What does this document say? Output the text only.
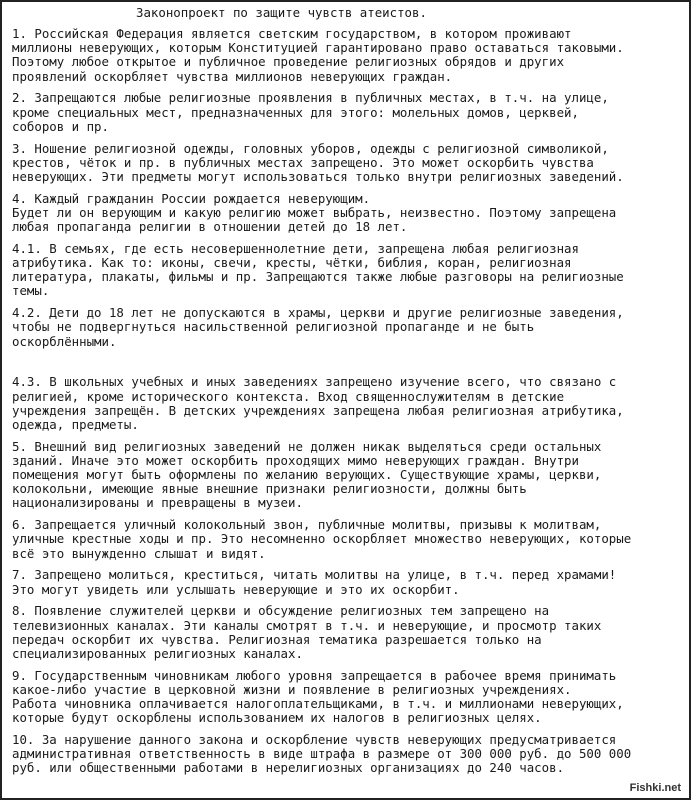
Законопроект по защите чувств атеистов.
1. Российская Федерация является светским государством, в котором проживают
миллионы неверующих, которым Конституцией гарантировано право оставаться таковыми.
Поэтому любое открытое и публичное проведение религиозных обрядов и других
проявлений оскорбляет чувства миллионов неверующих граждан.
2. Запрещаются любые религиозные проявления в публичных местах, в т.ч. на улице,
кроме специальных мест, предназначенных для этого: молельных домов, церквей,
соборов и пр.
3. Ношение религиозной одежды, головных уборов, одежды с религиозной символикой,
крестов, чёток и пр. в публичных местах запрещено. Это может оскорбить чувства
неверующих. Эти предметы могут использоваться только внутри религиозных заведений.
4. Каждый гражданин России рождается неверующим.
Будет ли он верующим и какую религию может выбрать, неизвестно. Поэтому запрещена
любая пропаганда религии в отношении детей до 18 лет.
4.1. В семьях, где есть несовершеннолетние дети, запрещена любая религиозная
атрибутика. Как то: иконы, свечи, кресты, чётки, библия, коран, религиозная
литература, плакаты, фильмы и пр. Запрещаются также любые разговоры на религиозные
темы.
4.2. Дети до 18 лет не допускаются в храмы, церкви и другие религиозные заведения,
чтобы не подвергнуться насильственной религиозной пропаганде и не быть
оскорблёнными.
4.3. В школьных учебных и иных заведениях запрещено изучение всего, что связано с
религией, кроме исторического контекста. Вход священнослужителям в детские
учреждения запрещён. В детских учреждениях запрещена любая религиозная атрибутика,
одежда, предметы.
5. Внешний вид религиозных заведений не должен никак выделяться среди остальных
зданий. Иначе это может оскорбить проходящих мимо неверующих граждан. Внутри
помещения могут быть оформлены по желанию верующих. Существующие храмы, церкви,
колокольни, имеющие явные внешние признаки религиозности, должны быть
национализированы и превращены в музеи.
6. Запрещается уличный колокольный звон, публичные молитвы, призывы к молитвам,
уличные крестные ходы и пр. Это несомненно оскорбляет множество неверующих, которые
всё это вынужденно слышат и видят.
7. Запрещено молиться, креститься, читать молитвы на улице, в т.ч. перед храмами!
Это могут увидеть или услышать неверующие и это их оскорбит.
8. Появление служителей церкви и обсуждение религиозных тем запрещено на
телевизионных каналах. Эти каналы смотрят в т.ч. и неверующие, и просмотр таких
передач оскорбит их чувства. Религиозная тематика разрешается только на
специализированных религиозных каналах.
9. Государственным чиновникам любого уровня запрещается в рабочее время принимать
какое-либо участие в церковной жизни и появление в религиозных учреждениях.
Работа чиновника оплачивается налогоплательщиками, в т.ч. и миллионами неверующих,
которые будут оскорблены использованием их налогов в религиозных целях.
10. За нарушение данного закона и оскорбление чувств неверующих предусматривается
административная ответственность в виде штрафа в размере от 300 000 руб. до 500 000
руб. или общественными работами в нерелигиозных организациях до 240 часов.
Fishki.net
